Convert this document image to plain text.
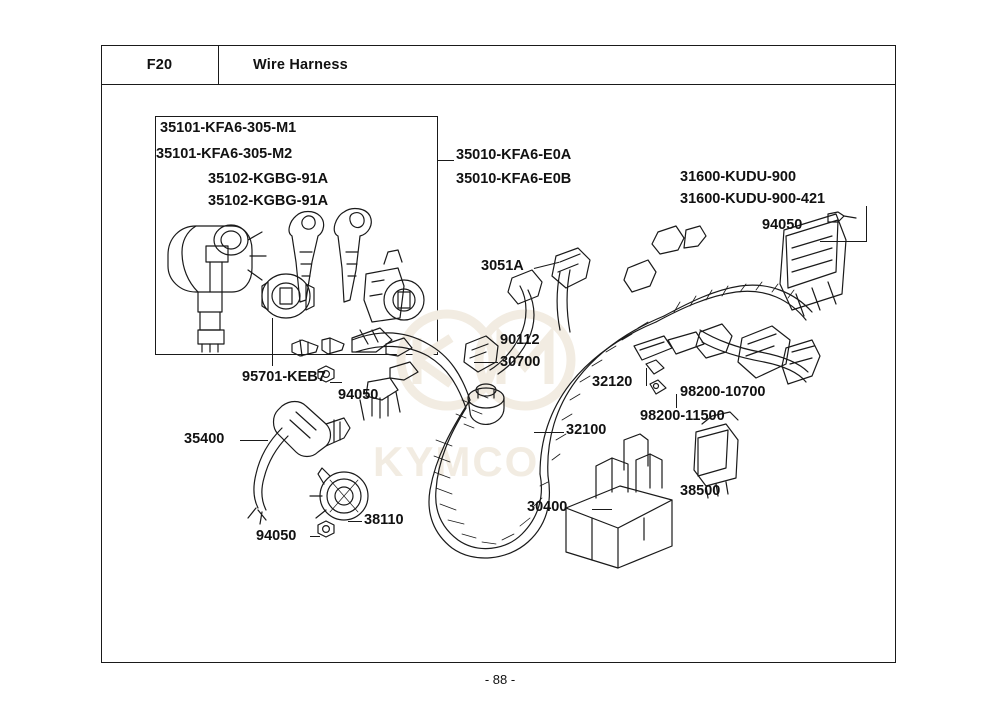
F20	Wire Harness
KYMCO
35101-KFA6-305-M1
35101-KFA6-305-M2
35102-KGBG-91A
35102-KGBG-91A
35010-KFA6-E0A
35010-KFA6-E0B	31600-KUDU-900
31600-KUDU-900-421
94050
3051A
90112
30700
32120
98200-10700
98200-11500
95701-KEB7
94050
35400
32100
38500
30400
38110
94050
- 88 -
